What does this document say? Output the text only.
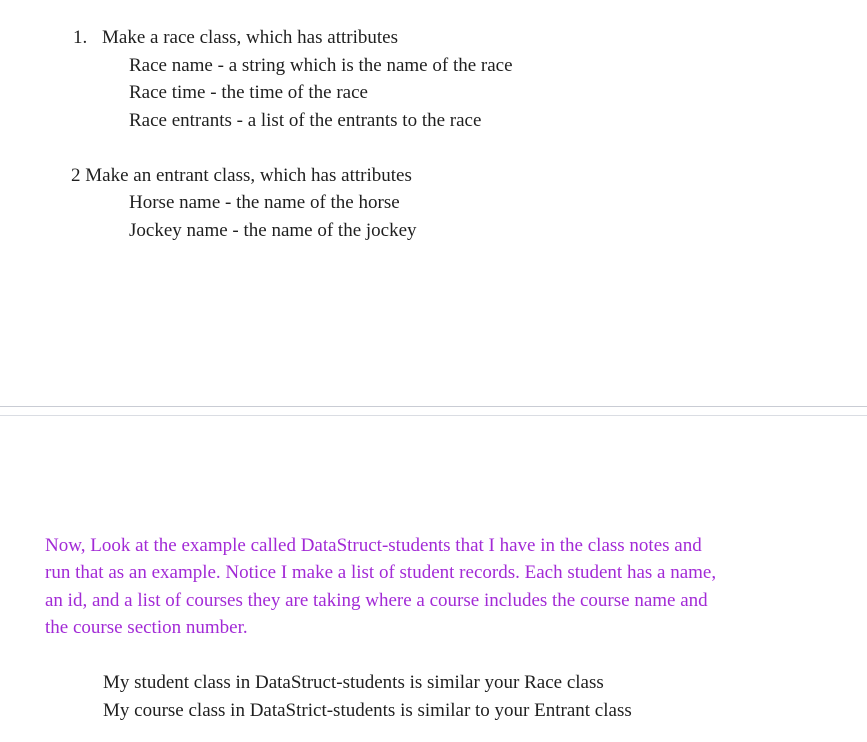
1. Make a race class, which has attributes
Race name - a string which is the name of the race
Race time - the time of the race
Race entrants - a list of the entrants to the race
2 Make an entrant class, which has attributes
Horse name - the name of the horse
Jockey name - the name of the jockey
Now, Look at the example called DataStruct-students that I have in the class notes and
run that as an example. Notice I make a list of student records. Each student has a name,
an id, and a list of courses they are taking where a course includes the course name and
the course section number.
My student class in DataStruct-students is similar your Race class
My course class in DataStrict-students is similar to your Entrant class
